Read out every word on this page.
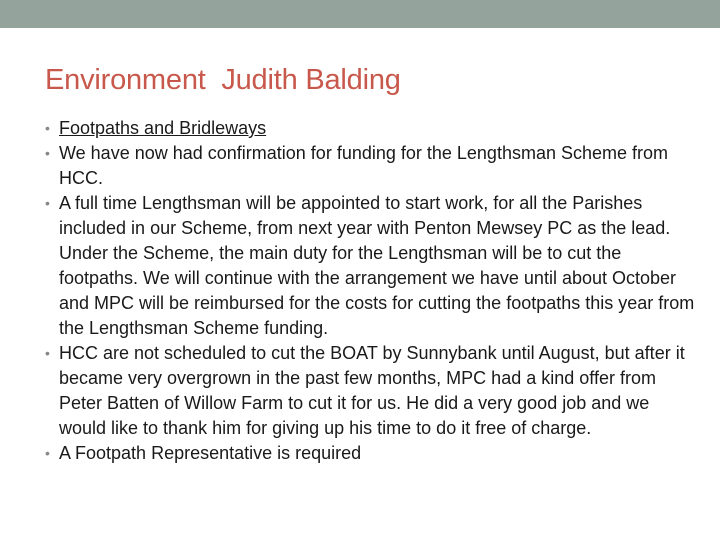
Environment  Judith Balding
• Footpaths and Bridleways
• We have now had confirmation for funding for the Lengthsman Scheme from HCC.
• A full time Lengthsman will be appointed to start work, for all the Parishes included in our Scheme, from next year with Penton Mewsey PC as the lead. Under the Scheme, the main duty for the Lengthsman will be to cut the footpaths. We will continue with the arrangement we have until about October and MPC will be reimbursed for the costs for cutting the footpaths this year from the Lengthsman Scheme funding.
• HCC are not scheduled to cut the BOAT by Sunnybank until August, but after it became very overgrown in the past few months, MPC had a kind offer from Peter Batten of Willow Farm to cut it for us. He did a very good job and we would like to thank him for giving up his time to do it free of charge.
• A Footpath Representative is required
